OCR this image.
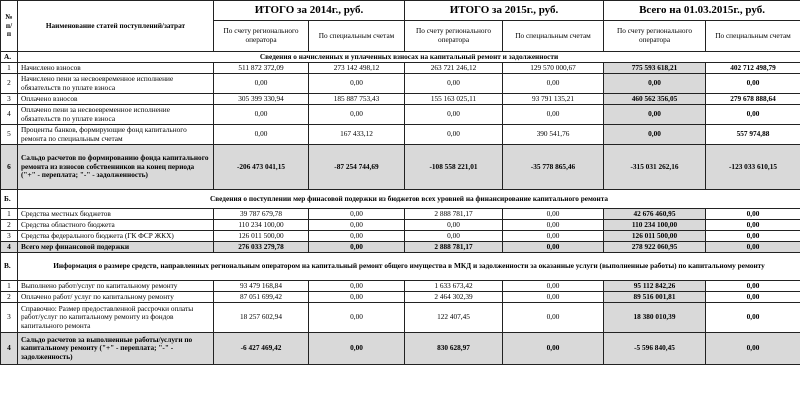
№ п/п	Наименование статей поступлений/затрат	ИТОГО за 2014г., руб.		ИТОГО за 2015г., руб.		Всего на 01.03.2015г., руб.	
		По счету регионального оператора	По специальным счетам	По счету регионального оператора	По специальным счетам	По счету регионального оператора	По специальным счетам
А.	Сведения о начисленных и уплаченных взносах на капитальный ремонт и задолженности						
1	Начислено взносов	511 872 372,09	273 142 498,12	263 721 246,12	129 570 000,67	775 593 618,21	402 712 498,79
2	Начислено пени за несвоевременное исполнение обязательств по уплате взноса	0,00	0,00	0,00	0,00	0,00	0,00
3	Оплачено взносов	305 399 330,94	185 887 753,43	155 163 025,11	93 791 135,21	460 562 356,05	279 678 888,64
4	Оплачено пени за несвоевременное исполнение обязательств по уплате взноса	0,00	0,00	0,00	0,00	0,00	0,00
5	Проценты банков, формирующие фонд капитального ремонта по специальным счетам	0,00	167 433,12	0,00	390 541,76	0,00	557 974,88
6	Сальдо расчетов по формированию фонда капитального ремонта из взносов собственников на конец периода ("+" - переплата; "-" - задолженность)	-206 473 041,15	-87 254 744,69	-108 558 221,01	-35 778 865,46	-315 031 262,16	-123 033 610,15
Б.	Сведения о поступлении мер финасовой подержки из бюджетов всех уровней на финансирование капитального ремонта						
1	Средства местных бюджетов	39 787 679,78	0,00	2 888 781,17	0,00	42 676 460,95	0,00
2	Средства областного бюджета	110 234 100,00	0,00	0,00	0,00	110 234 100,00	0,00
3	Средства федерального бюджета (ГК ФСР ЖКХ)	126 011 500,00	0,00	0,00	0,00	126 011 500,00	0,00
4	Всего мер финансовой подержки	276 033 279,78	0,00	2 888 781,17	0,00	278 922 060,95	0,00
В.	Информация о размере средств, направленных региональным оператором на капитальный ремонт общего имущества в МКД и задолженности за оказанные услуги (выполненные работы) по капитальному ремонту						
1	Выполнено работ/услуг по капитальному ремонту	93 479 168,84	0,00	1 633 673,42	0,00	95 112 842,26	0,00
2	Оплачено работ/ услуг по капитальному ремонту	87 051 699,42	0,00	2 464 302,39	0,00	89 516 001,81	0,00
3	Справочно: Размер предоставленной рассрочки оплаты работ/услуг по капитальному ремонту из фондов капитального ремонта	18 257 602,94	0,00	122 407,45	0,00	18 380 010,39	0,00
4	Сальдо расчетов за выполненные работы/услуги по капитальному ремонту ("+" - переплата; "-" - задолженность)	-6 427 469,42	0,00	830 628,97	0,00	-5 596 840,45	0,00
